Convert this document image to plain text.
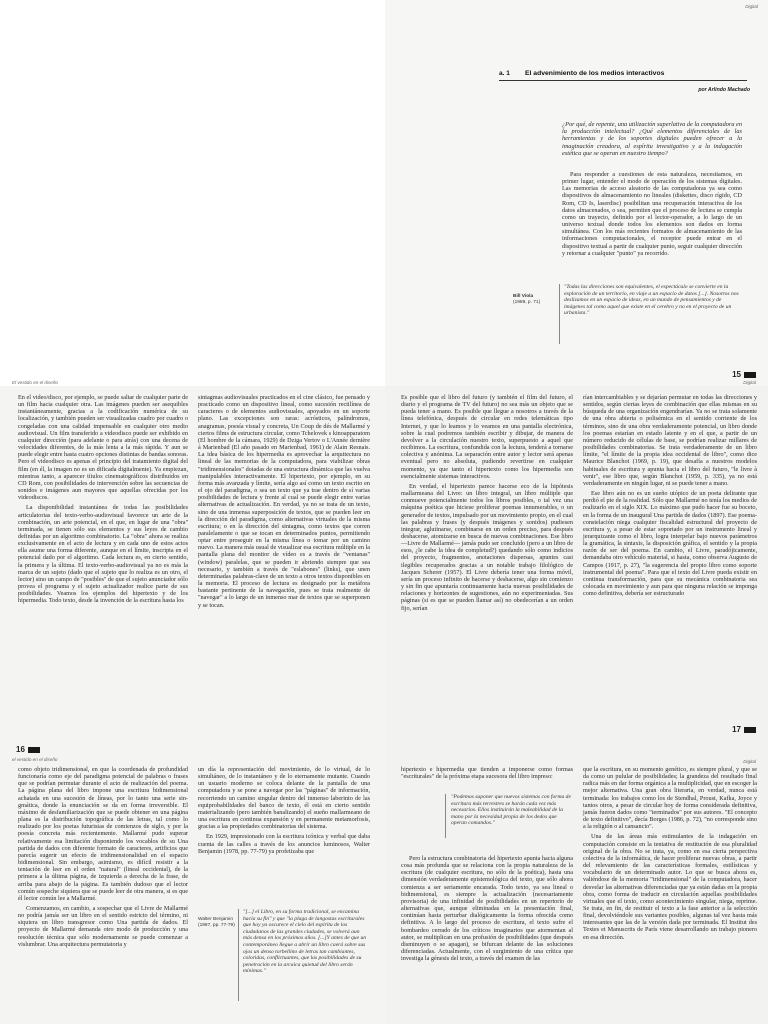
Digital
a. 1 El advenimiento de los medios interactivos
por Arlindo Machado
¿Por qué, de repente, una utilización superlativa de la computadora en la producción intelectual? ¿Qué elementos diferenciales de las herramientas y de los soportes digitales pueden ofrecer a la imaginación creadora, al espíritu investigativo y a la indagación estética que se operan en nuestro tiempo?

Para responder a cuestiones de esta naturaleza, necesitamos, en primer lugar, entender el modo de operación de los sistemas digitales. Las memorias de acceso aleatorio de las computadoras ya sea como dispositivos de almacenamiento no lineales (diskettes, disco rígido, CD Rom, CD Is, laserdisc) posibilitan una recuperación interactiva de los datos almacenados, o sea, permiten que el proceso de lectura se cumpla como un trayecto, definido por el lector-operador, a lo largo de un universo textual donde todos los elementos son dados en forma simultánea. Con los más recientes formatos de almacenamiento de las informaciones computacionales, el receptor puede entrar en el dispositivo textual a partir de cualquier punto, seguir cualquier dirección y retornar a cualquier "punto" ya recorrido.

Bill Viola
(1988, p. 71)
"Todas las direcciones son equivalentes, el espectáculo se convierte en la exploración de un territorio, en viaje a un espacio de datos [...]. Nosotros nos deslizamos en un espacio de ideas, en un mundo de pensamientos y de imágenes tal como aquel que existe en el cerebro y no en el proyecto de un urbanista."
15
El vestido en el diseño

En el video/disco, por ejemplo, se puede saltar de cualquier parte de un film hacia cualquier otra. Las imágenes pueden ser asequibles instantáneamente, gracias a la codificación numérica de su localización, y también pueden ser visualizadas cuadro por cuadro o congeladas con una calidad impensable en cualquier otro medio audiovisual. Un film transferido a videodisco puede ser exhibido en cualquier dirección (para adelante o para atrás) con una decena de velocidades diferentes, de la más lenta a la más rápida. Y aun se puede elegir entre hasta cuatro opciones distintas de bandas sonoras. Pero el videodisco es apenas el principio del tratamiento digital del film (en él, la imagen no es un dificada digitalmente). Ya empiezan, mientras tanto, a aparecer títulos cinematográficos distribuidos en CD Rom, con posibilidades de intervención sobre las secuencias de sonidos e imágenes aun mayores que aquellas ofrecidas por los videodiscos.

La disponibilidad instantánea de todas las posibilidades articulatorias del texto-verbo-audiovisual favorece un arte de la combinación, un arte potencial, en el que, en lugar de una "obra" terminada, se tienen sólo sus elementos y sus leyes de cambio definidas por un algoritmo combinatorio. La "obra" ahora se realiza exclusivamente en el acto de lectura y en cada uno de estos actos ella asume una forma diferente, aunque en el límite, inscripta en el potencial dado por el algoritmo. Cada lectura es, en cierto sentido, la primera y la última. El texto-verbo-audiovisual ya no es más la marca de un sujeto (dado que el sujeto que lo realiza es un otro, el lector) sino un campo de "posibles" de que el sujeto anunciador sólo provea el programa y el sujeto actualizador realice parte de sus posibilidades. Veamos los ejemplos del hipertexto y de los hipermedia. Todo texto, desde la invención de la escritura hasta los

sintagmas audiovisuales practicados en el cine clásico, fue pensado y practicado como un dispositivo lineal, como sucesión rectilínea de caracteres o de elementos audiovisuales, apoyados en un soporte plano. Las excepciones son raras: acrósticos, palíndromos, anagramas, poesía visual y concreta, Un Coup de dés de Mallarmé y ciertos films de estructura circular, como Tchelovek s kinoapparatom (El hombre de la cámara, 1929) de Dziga Vertov o L'Année dernière à Marienbad (El año pasado en Marienbad, 1961) de Alain Resnais. La idea básica de los hipermedia es aprovechar la arquitectura no lineal de las memorias de la computadora, para viabilizar obras "tridimensionales" dotadas de una estructura dinámica que las vuelva manipulables interactivamente. El hipertexto, por ejemplo, en su forma más avanzada y límite, sería algo así como un texto escrito en el ojo del paradigma, o sea un texto que ya trae dentro de sí varias posibilidades de lectura y frente al cual se puede elegir entre varias alternativas de actualización. En verdad, ya no se trata de un texto, sino de una inmensa superposición de textos, que se pueden leer en la dirección del paradigma, como alternativas virtuales de la misma escritura; o en la dirección del sintagma, como textos que corren paralelamente o que se tocan en determinados puntos, permitiendo optar entre proseguir en la misma línea o tomar por un camino nuevo. La manera más usual de visualizar esa escritura múltiple en la pantalla plana del monitor de vídeo es a través de "ventanas" (window) paralelas, que se pueden ir abriendo siempre que sea necesario, y también a través de "eslabones" (links), que unen determinadas palabras-clave de un texto a otros textos disponibles en la memoria. El proceso de lectura es designado por la metáfora bastante pertinente de la navegación, pues se trata realmente de "navegar" a lo largo de un inmenso mar de textos que se superponen y se tocan.

16
Digital

Es posible que el libro del futuro (y también el film del futuro, el diario y el programa de TV del futuro) no sea más un objeto que se pueda tener a mano. Es posible que llegue a nosotros a través de la línea telefónica, después de circular en redes telemáticas tipo Internet, y que lo leamos y lo veamos en una pantalla electrónica, sobre la cual podremos también escribir y dibujar, de manera de devolver a la circulación nuestro texto, superpuesto a aquel que recibimos. La escritura, confundida con la lectura, tenderá a tornarse colectiva y anónima. La separación entre autor y lector será apenas eventual pero no absoluta, pudiendo revertirse en cualquier momento, ya que tanto el hipertexto como los hipermedia son esencialmente sistemas interactivos.

En verdad, el hipertexto parece hacerse eco de la hipótesis mallarmeana del Livre: un libro integral, un libro múltiple que conmueve potencialmente todos los libros posibles, o tal vez una máquina poética que hiciese proliferar poemas innumerables, o un generador de textos, impulsado por un movimiento propio, en el cual las palabras y frases (y después imágenes y sonidos) pudiesen integrar, aglutinarse, combinarse en un orden preciso, para después deshacerse, atomizarse en busca de nuevas combinaciones. Ese libro —Livre de Mallarmé— jamás pudo ser concluido (pero a un libro de esos, ¿le cabe la idea de completud?) quedando sólo como indicios del proyecto, fragmentos, anotaciones dispersas, apuntes casi ilegibles recuperados gracias a un notable trabajo filológico de Jacques Scherer (1957). El Livre debería tener una forma móvil, sería un proceso infinito de hacerse y deshacerse, algo sin comienzo y sin fin que apuntaría continuamente hacia nuevas posibilidades de relaciones y horizontes de sugestiones, aún no experimentadas. Sus páginas (si es que se pueden llamar así) no obedecerían a un orden fijo, serían

rían intercambiables y se dejarían permutar en todas las direcciones y sentidos, según ciertas leyes de combinación que ellas mismas en su búsqueda de una organización engendrarían. Ya no se trata solamente de una obra abierta o polisémica en el sentido corriente de los términos, sino de una obra verdaderamente potencial, un libro donde los poemas estarían en estado latente y en el que, a partir de un número reducido de células de base, se podrían realizar millares de posibilidades combinatorias. Se trata verdaderamente de un libro límite, "el límite de la propia idea occidental de libro", como dice Maurice Blanchot (1969, p. 19), que desafía a nuestros modelos habituales de escritura y apunta hacia el libro del futuro, "le livre à venir", ese libro que, según Blanchot (1959, p. 335), ya no está verdaderamente en ningún lugar, ni se puede tener a mano.

Ese libro aún no es un sueño utópico de un poeta delirante que perdió el pie de la realidad. Sólo que Mallarmé no tenía los medios de realizarlo en el siglo XIX. Lo máximo que pudo hacer fue su boceto, en la forma de un inaugural Una partida de dados (1897). Ese poema-constelación niega cualquier fiscalidad estructural del proyecto de escritura y, a pesar de estar soportado por un instrumento lineal y jerarquizante como el libro, logra interpelar bajo nuevos parámetros la gramática, la sintaxis, la disposición gráfica, el sentido y la propia razón de ser del poema. En cambio, el Livre, paradójicamente, demandaba otro vehículo material, si hasta, como observa Augusto de Campos (1917, p. 27), "la sugerencia del propio libro como soporte instrumental del poema". Para que el texto del Livre pueda existir en continua transformación, para que su mecánica combinatoria sea colocada en movimiento y aun para que ninguna relación se imponga como definitiva, debería ser estructurado

17
el vestido en el diseño

como objeto tridimensional, en que la coordenada de profundidad funcionaría como eje del paradigma potencial de palabras o frases que se podrían permutar durante el acto de realización del poema. La página plana del libro impone una escritura bidimensional achatada en una sucesión de líneas, por lo tanto una serie sin- gmática, donde la enunciación se da en forma irreversible. El máximo de desfamiliarización que se puede obtener en una página plana es la distribución topográfica de las letras, tal como lo realizado por los poetas futuristas de comienzos de siglo, y por la poesía concreta más recientemente. Mallarmé pudo superar relativamente esa limitación disponiendo los vocablos de su Una partida de dados con diferente formato de caracteres, artificios que parecía sugerir un efecto de tridimensionalidad en el espacio bidimensional. Sin embargo, asimismo, es difícil resistir a la tentación de leer en el orden "natural" (lineal occidental), de la primera a la última página, de izquierda a derecha de la frase, de arriba para abajo de la página. Es también dudoso que el lector común sospeche siquiera que se puede leer de otra manera, si es que él lector común lee a Mallarmé.

Comenzamos, en cambio, a sospechar que el Livre de Mallarmé no podría jamás ser un libro en el sentido estricto del término, ni siquiera un libro transgresor como Una partida de dados. El proyecto de Mallarmé demanda otro modo de producción y una resolución técnica que sólo modernamente se puede comenzar a vislumbrar. Una arquitectura permutatoria y

un día la representación del movimiento, de lo virtual, de lo simultáneo, de lo instantáneo y de lo eternamente mutante. Cuando un usuario moderno se coloca delante de la pantalla de una computadora y se pone a navegar por las "páginas" de información, recorriendo un camino singular dentro del inmenso laberinto de las equiprobabilidades del banco de texto, él está en cierto sentido materializando (pero también banalizando) el sueño mallarmeano de una escritura en continua expansión y en permanente metamorfosis, gracias a las propiedades combinatorias del sistema.

En 1929, impresionado con la escritura icónica y verbal que daba cuenta de las calles a través de los anuncios luminosos, Walter Benjamin (1978, pp. 77-79) ya profetizaba que

Walter Benjamin
(1987, pp. 77-79)
"[...] el Libro, en su forma tradicional, se encamina hacia su fin" y que "la plaga de langostas escriturales que hoy ya oscurece el cielo del espíritu de los ciudadanos de las grandes ciudades, se volverá aun más densa en los próximos años. [...]Y antes de que un contemporáneo llegue a abrir un libro caerá sobre sus ojos un denso torbellino de letras tan cambiantes, coloridas, conflictuantes, que las posibilidades de su penetración en la arcaica quietud del libro serán mínimas."
Digital

hipertexto e hipermedia que tienden a imponerse como formas "escriturales" de la próxima etapa sucesora del libro impreso:

"Podemos suponer que nuevos sistemas con forma de escritura más terrestres se harán cada vez más necesarios. Ellos instituirán la maleabilidad de la mano por la necesidad propia de los dedos que operan comandos."

Pero la estructura combinatoria del hipertexto apunta hacia alguna cosa más profunda que se relaciona con la propia naturaleza de la escritura (de cualquier escritura, no sólo de la poética), hasta una dimensión verdaderamente epistemológica del texto, que sólo ahora comienza a ser seriamente encarada. Todo texto, ya sea lineal o bidimensional, es siempre la actualización (necesariamente provisoria) de una infinidad de posibilidades en un repertorio de alternativas que, aunque eliminadas en la presentación final, continúan hasta perturbar dialógicamente la forma ofrecida como definitiva. A lo largo del proceso de escritura, el texto sufre el bombardeo cerrado de los críticos imaginarios que atormentan al autor, se multiplican en una profusión de posibilidades (que después disminuyen o se apagan), se bifurcan delante de las soluciones diferenciadas. Actualmente, con el surgimiento de una crítica que investiga la génesis del texto, a través del examen de las

que la escritura, en su momento genético, es siempre plural, y que se da como un pulular de posibilidades; la grandeza del resultado final radica más en dar forma orgánica a la multiplicidad, que en escoger la mejor alternativa. Una gran obra literaria, en verdad, nunca está terminada: los trabajos como los de Stendhal, Proust, Kafka, Joyce y tantos otros, a pesar de circular hoy de forma considerada definitiva, jamás fueron dados como "terminados" por sus autores. "El concepto de texto definitivo", decía Borges (1986, p. 72), "no corresponde sino a la religión o al cansancio".

Una de las áreas más estimulantes de la indagación en computación consiste en la tentativa de restitución de esa pluralidad original de la obra. No se trata, ya, como en esa cierta perspectiva colectiva de la informática, de hacer proliferar nuevas obras, a partir del relevamiento de las características formales, estilísticas y vocabulario de un determinado autor. Lo que se busca ahora es, valiéndose de la memoria "tridimensional" de la computadora, hacer desvelar las alternativas diferenciadas que ya están dadas en la propia obra, como forma de traducir en circulación aquellas posibilidades virtuales que el texto, como acontecimiento singular, niega, reprime. Se trata, en fin, de restituir el texto a la fase anterior a la selección final, devolviéndole sus variantes posibles, algunas tal vez hasta más interesantes que las de la versión dada por terminada. El Institut des Textes et Manuscrits de París viene desarrollando un trabajo pionero en esa dirección.
